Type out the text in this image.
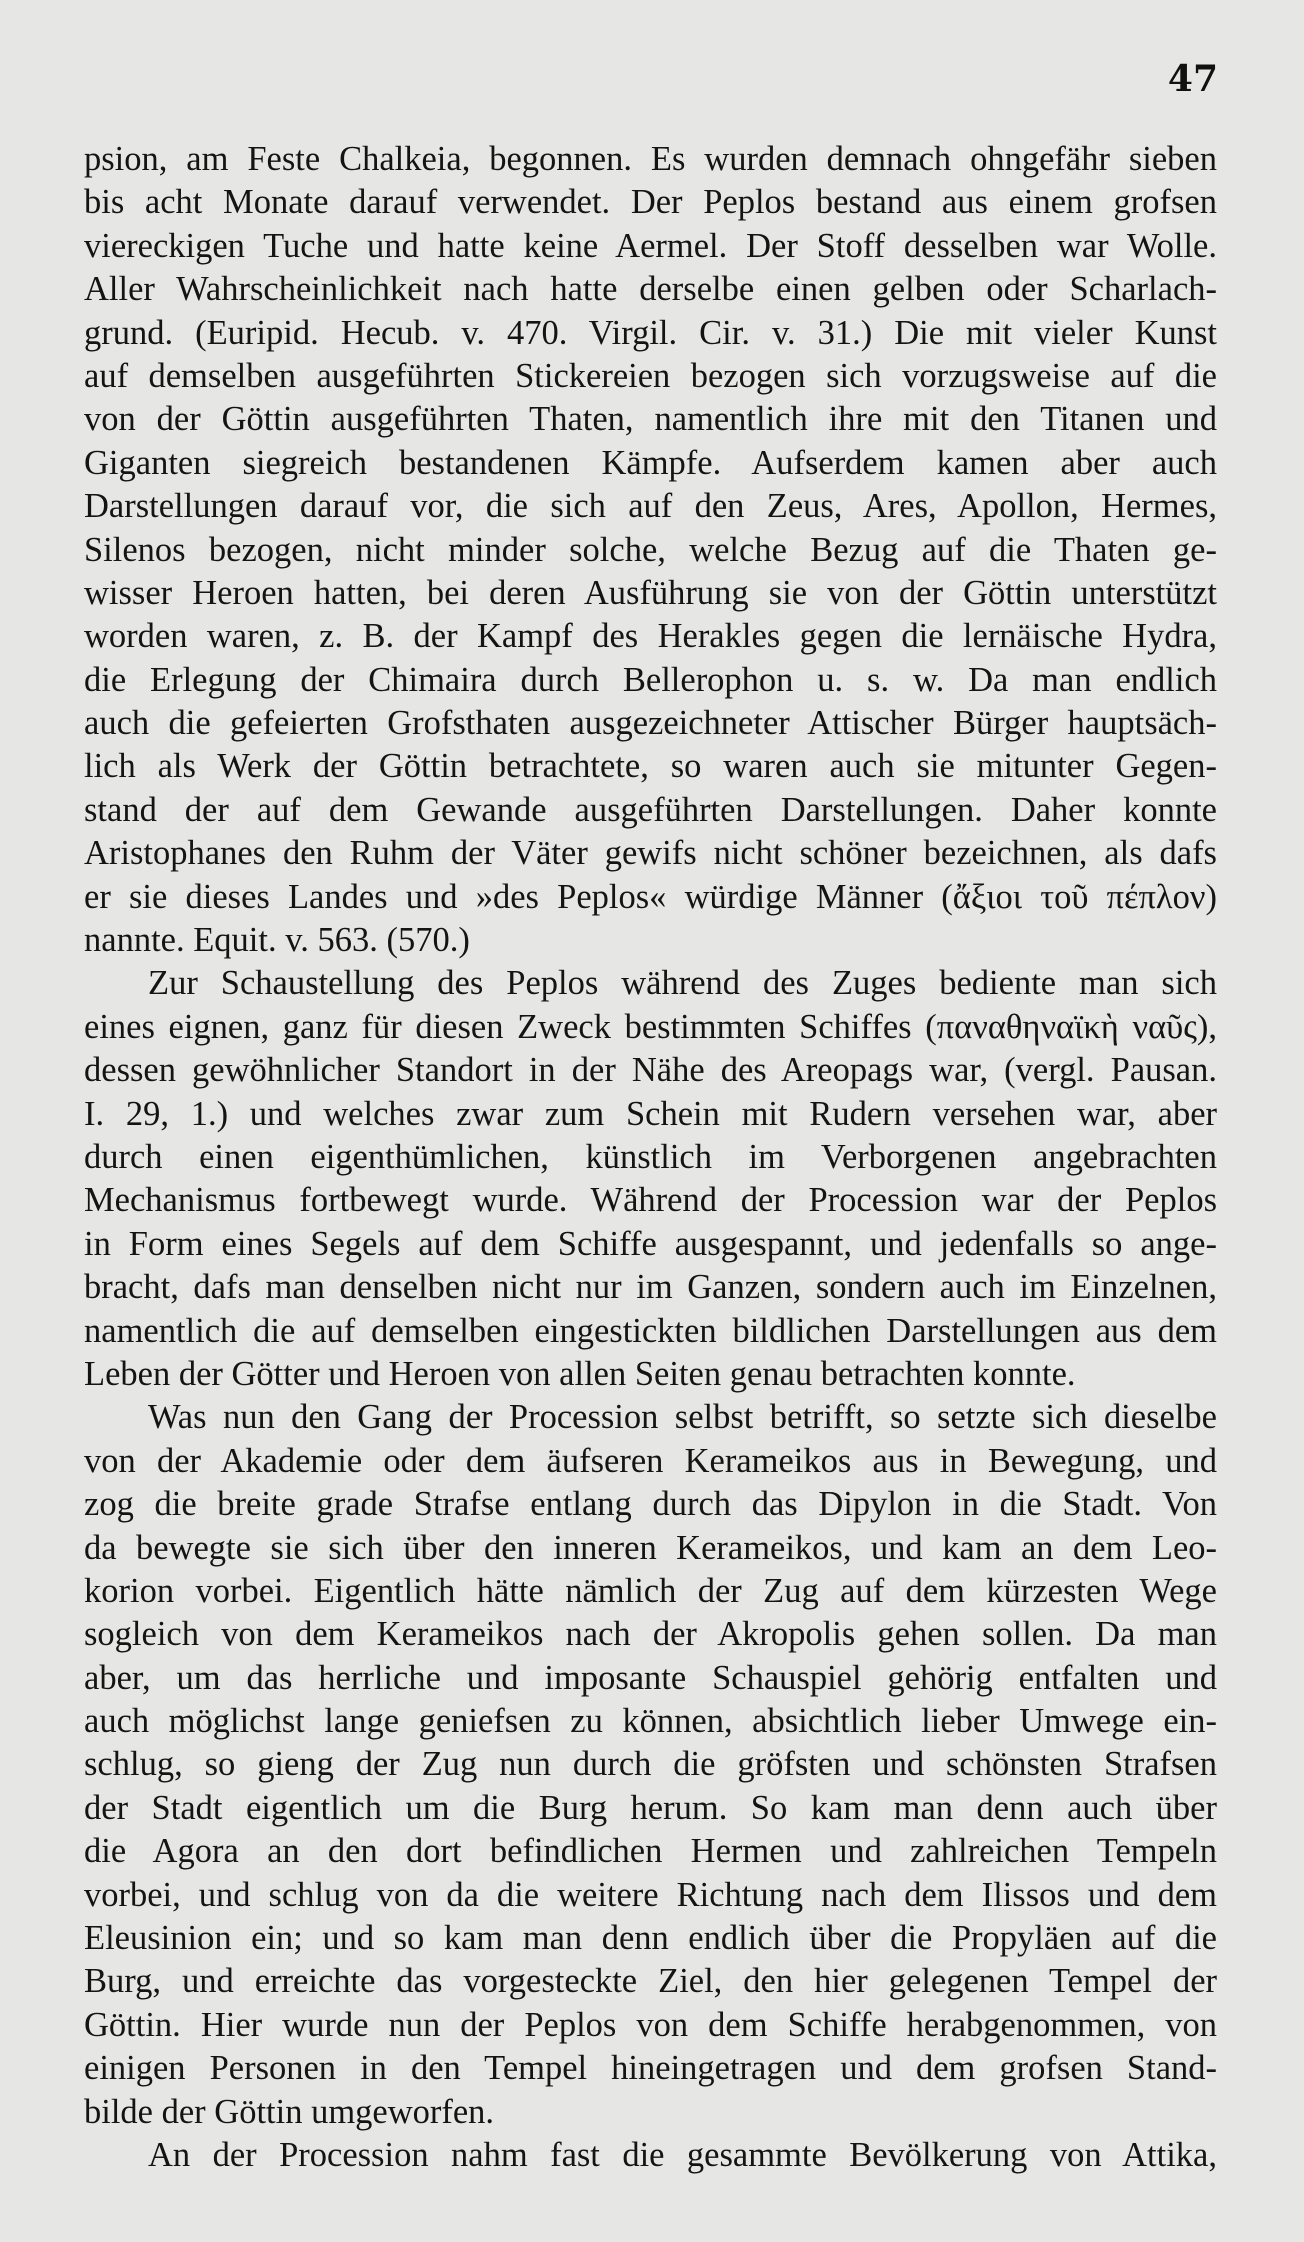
47
psion, am Feste Chalkeia, begonnen. Es wurden demnach ohngefähr sieben
bis acht Monate darauf verwendet. Der Peplos bestand aus einem grofsen
viereckigen Tuche und hatte keine Aermel. Der Stoff desselben war Wolle.
Aller Wahrscheinlichkeit nach hatte derselbe einen gelben oder Scharlach-
grund. (Euripid. Hecub. v. 470. Virgil. Cir. v. 31.) Die mit vieler Kunst
auf demselben ausgeführten Stickereien bezogen sich vorzugsweise auf die
von der Göttin ausgeführten Thaten, namentlich ihre mit den Titanen und
Giganten siegreich bestandenen Kämpfe. Aufserdem kamen aber auch
Darstellungen darauf vor, die sich auf den Zeus, Ares, Apollon, Hermes,
Silenos bezogen, nicht minder solche, welche Bezug auf die Thaten ge-
wisser Heroen hatten, bei deren Ausführung sie von der Göttin unterstützt
worden waren, z. B. der Kampf des Herakles gegen die lernäische Hydra,
die Erlegung der Chimaira durch Bellerophon u. s. w. Da man endlich
auch die gefeierten Grofsthaten ausgezeichneter Attischer Bürger hauptsäch-
lich als Werk der Göttin betrachtete, so waren auch sie mitunter Gegen-
stand der auf dem Gewande ausgeführten Darstellungen. Daher konnte
Aristophanes den Ruhm der Väter gewifs nicht schöner bezeichnen, als dafs
er sie dieses Landes und »des Peplos« würdige Männer (ἄξιοι τοῦ πέπλον)
nannte. Equit. v. 563. (570.)
Zur Schaustellung des Peplos während des Zuges bediente man sich
eines eignen, ganz für diesen Zweck bestimmten Schiffes (παναθηναϊκὴ ναῦς),
dessen gewöhnlicher Standort in der Nähe des Areopags war, (vergl. Pausan.
I. 29, 1.) und welches zwar zum Schein mit Rudern versehen war, aber
durch einen eigenthümlichen, künstlich im Verborgenen angebrachten
Mechanismus fortbewegt wurde. Während der Procession war der Peplos
in Form eines Segels auf dem Schiffe ausgespannt, und jedenfalls so ange-
bracht, dafs man denselben nicht nur im Ganzen, sondern auch im Einzelnen,
namentlich die auf demselben eingestickten bildlichen Darstellungen aus dem
Leben der Götter und Heroen von allen Seiten genau betrachten konnte.
Was nun den Gang der Procession selbst betrifft, so setzte sich dieselbe
von der Akademie oder dem äufseren Kerameikos aus in Bewegung, und
zog die breite grade Strafse entlang durch das Dipylon in die Stadt. Von
da bewegte sie sich über den inneren Kerameikos, und kam an dem Leo-
korion vorbei. Eigentlich hätte nämlich der Zug auf dem kürzesten Wege
sogleich von dem Kerameikos nach der Akropolis gehen sollen. Da man
aber, um das herrliche und imposante Schauspiel gehörig entfalten und
auch möglichst lange geniefsen zu können, absichtlich lieber Umwege ein-
schlug, so gieng der Zug nun durch die gröfsten und schönsten Strafsen
der Stadt eigentlich um die Burg herum. So kam man denn auch über
die Agora an den dort befindlichen Hermen und zahlreichen Tempeln
vorbei, und schlug von da die weitere Richtung nach dem Ilissos und dem
Eleusinion ein; und so kam man denn endlich über die Propyläen auf die
Burg, und erreichte das vorgesteckte Ziel, den hier gelegenen Tempel der
Göttin. Hier wurde nun der Peplos von dem Schiffe herabgenommen, von
einigen Personen in den Tempel hineingetragen und dem grofsen Stand-
bilde der Göttin umgeworfen.
An der Procession nahm fast die gesammte Bevölkerung von Attika,
